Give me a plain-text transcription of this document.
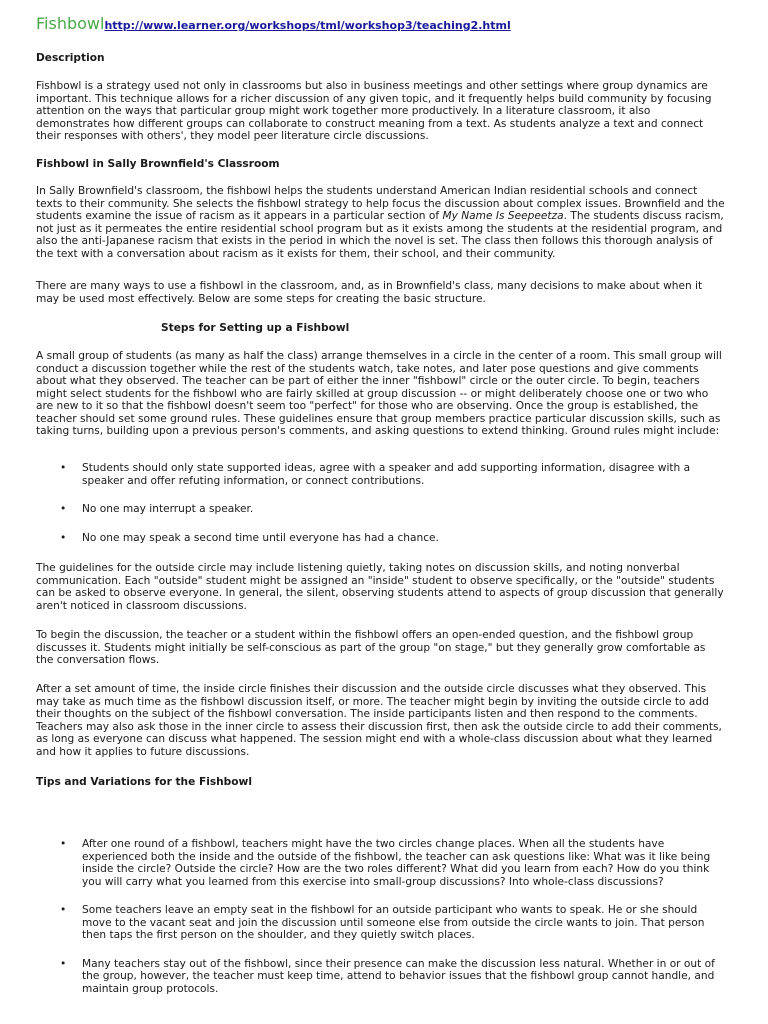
Fishbowlhttp://www.learner.org/workshops/tml/workshop3/teaching2.html

Description

Fishbowl is a strategy used not only in classrooms but also in business meetings and other settings where group dynamics are important. This technique allows for a richer discussion of any given topic, and it frequently helps build community by focusing attention on the ways that particular group might work together more productively. In a literature classroom, it also demonstrates how different groups can collaborate to construct meaning from a text. As students analyze a text and connect their responses with others', they model peer literature circle discussions.

Fishbowl in Sally Brownfield's Classroom

In Sally Brownfield's classroom, the fishbowl helps the students understand American Indian residential schools and connect texts to their community. She selects the fishbowl strategy to help focus the discussion about complex issues. Brownfield and the students examine the issue of racism as it appears in a particular section of My Name Is Seepeetza. The students discuss racism, not just as it permeates the entire residential school program but as it exists among the students at the residential program, and also the anti-Japanese racism that exists in the period in which the novel is set. The class then follows this thorough analysis of the text with a conversation about racism as it exists for them, their school, and their community.

There are many ways to use a fishbowl in the classroom, and, as in Brownfield's class, many decisions to make about when it may be used most effectively. Below are some steps for creating the basic structure.

Steps for Setting up a Fishbowl

A small group of students (as many as half the class) arrange themselves in a circle in the center of a room. This small group will conduct a discussion together while the rest of the students watch, take notes, and later pose questions and give comments about what they observed. The teacher can be part of either the inner "fishbowl" circle or the outer circle. To begin, teachers might select students for the fishbowl who are fairly skilled at group discussion -- or might deliberately choose one or two who are new to it so that the fishbowl doesn't seem too "perfect" for those who are observing. Once the group is established, the teacher should set some ground rules. These guidelines ensure that group members practice particular discussion skills, such as taking turns, building upon a previous person's comments, and asking questions to extend thinking. Ground rules might include:

• Students should only state supported ideas, agree with a speaker and add supporting information, disagree with a speaker and offer refuting information, or connect contributions.
• No one may interrupt a speaker.
• No one may speak a second time until everyone has had a chance.

The guidelines for the outside circle may include listening quietly, taking notes on discussion skills, and noting nonverbal communication. Each "outside" student might be assigned an "inside" student to observe specifically, or the "outside" students can be asked to observe everyone. In general, the silent, observing students attend to aspects of group discussion that generally aren't noticed in classroom discussions.

To begin the discussion, the teacher or a student within the fishbowl offers an open-ended question, and the fishbowl group discusses it. Students might initially be self-conscious as part of the group "on stage," but they generally grow comfortable as the conversation flows.

After a set amount of time, the inside circle finishes their discussion and the outside circle discusses what they observed. This may take as much time as the fishbowl discussion itself, or more. The teacher might begin by inviting the outside circle to add their thoughts on the subject of the fishbowl conversation. The inside participants listen and then respond to the comments. Teachers may also ask those in the inner circle to assess their discussion first, then ask the outside circle to add their comments, as long as everyone can discuss what happened. The session might end with a whole-class discussion about what they learned and how it applies to future discussions.

Tips and Variations for the Fishbowl

• After one round of a fishbowl, teachers might have the two circles change places. When all the students have experienced both the inside and the outside of the fishbowl, the teacher can ask questions like: What was it like being inside the circle? Outside the circle? How are the two roles different? What did you learn from each? How do you think you will carry what you learned from this exercise into small-group discussions? Into whole-class discussions?
• Some teachers leave an empty seat in the fishbowl for an outside participant who wants to speak. He or she should move to the vacant seat and join the discussion until someone else from outside the circle wants to join. That person then taps the first person on the shoulder, and they quietly switch places.
• Many teachers stay out of the fishbowl, since their presence can make the discussion less natural. Whether in or out of the group, however, the teacher must keep time, attend to behavior issues that the fishbowl group cannot handle, and maintain group protocols.
